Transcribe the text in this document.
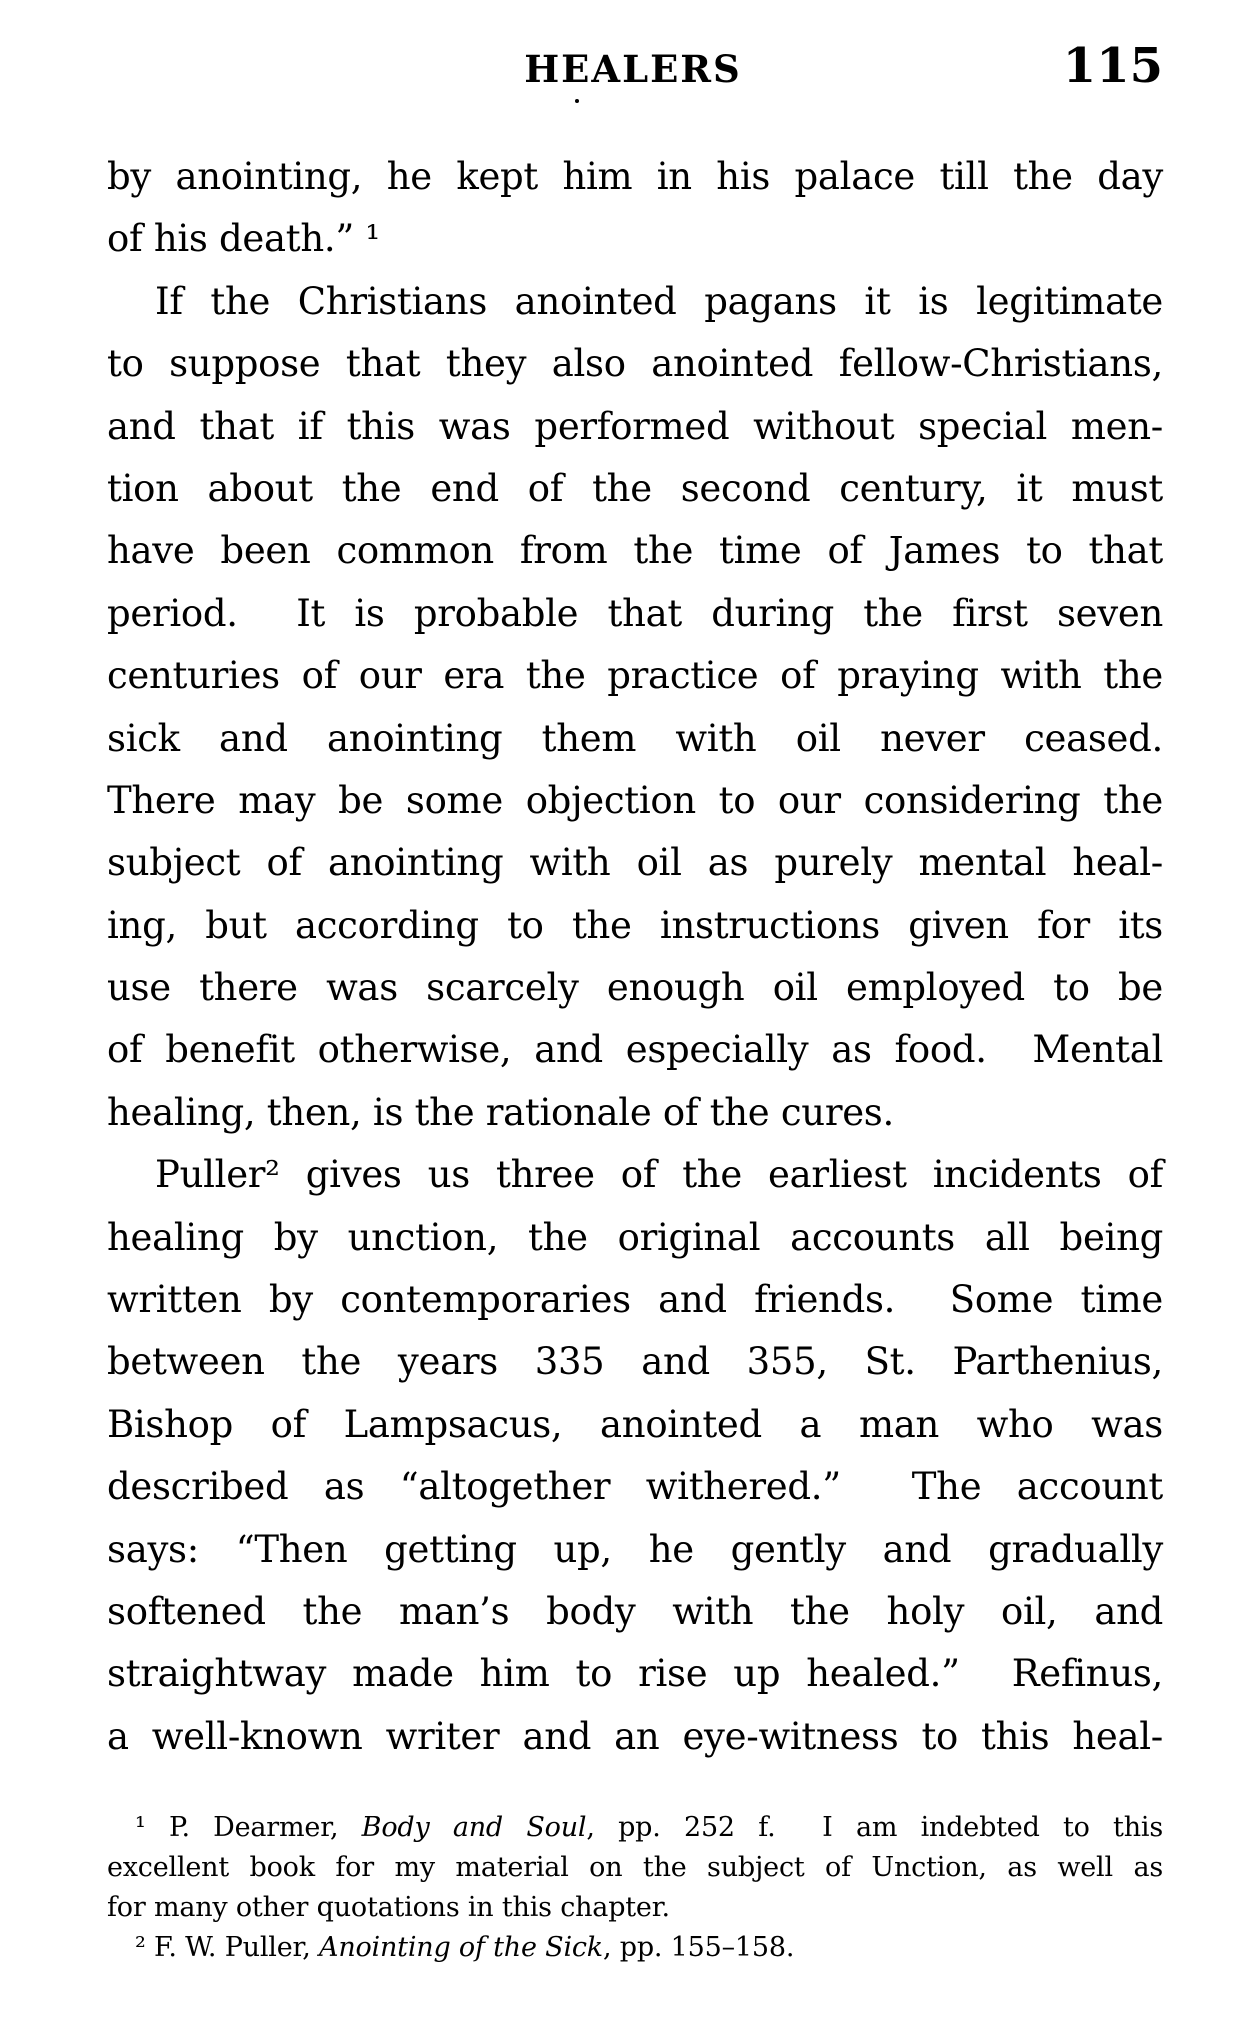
HEALERS	115
by anointing, he kept him in his palace till the day
of his death.” ¹
If the Christians anointed pagans it is legitimate
to suppose that they also anointed fellow-Christians,
and that if this was performed without special men-
tion about the end of the second century, it must
have been common from the time of James to that
period.  It is probable that during the first seven
centuries of our era the practice of praying with the
sick and anointing them with oil never ceased.
There may be some objection to our considering the
subject of anointing with oil as purely mental heal-
ing, but according to the instructions given for its
use there was scarcely enough oil employed to be
of benefit otherwise, and especially as food.  Mental
healing, then, is the rationale of the cures.
Puller² gives us three of the earliest incidents of
healing by unction, the original accounts all being
written by contemporaries and friends.  Some time
between the years 335 and 355, St. Parthenius,
Bishop of Lampsacus, anointed a man who was
described as “altogether withered.”  The account
says: “Then getting up, he gently and gradually
softened the man’s body with the holy oil, and
straightway made him to rise up healed.”  Refinus,
a well-known writer and an eye-witness to this heal-
¹ P. Dearmer, Body and Soul, pp. 252 f.  I am indebted to this
excellent book for my material on the subject of Unction, as well as
for many other quotations in this chapter.
² F. W. Puller, Anointing of the Sick, pp. 155–158.
